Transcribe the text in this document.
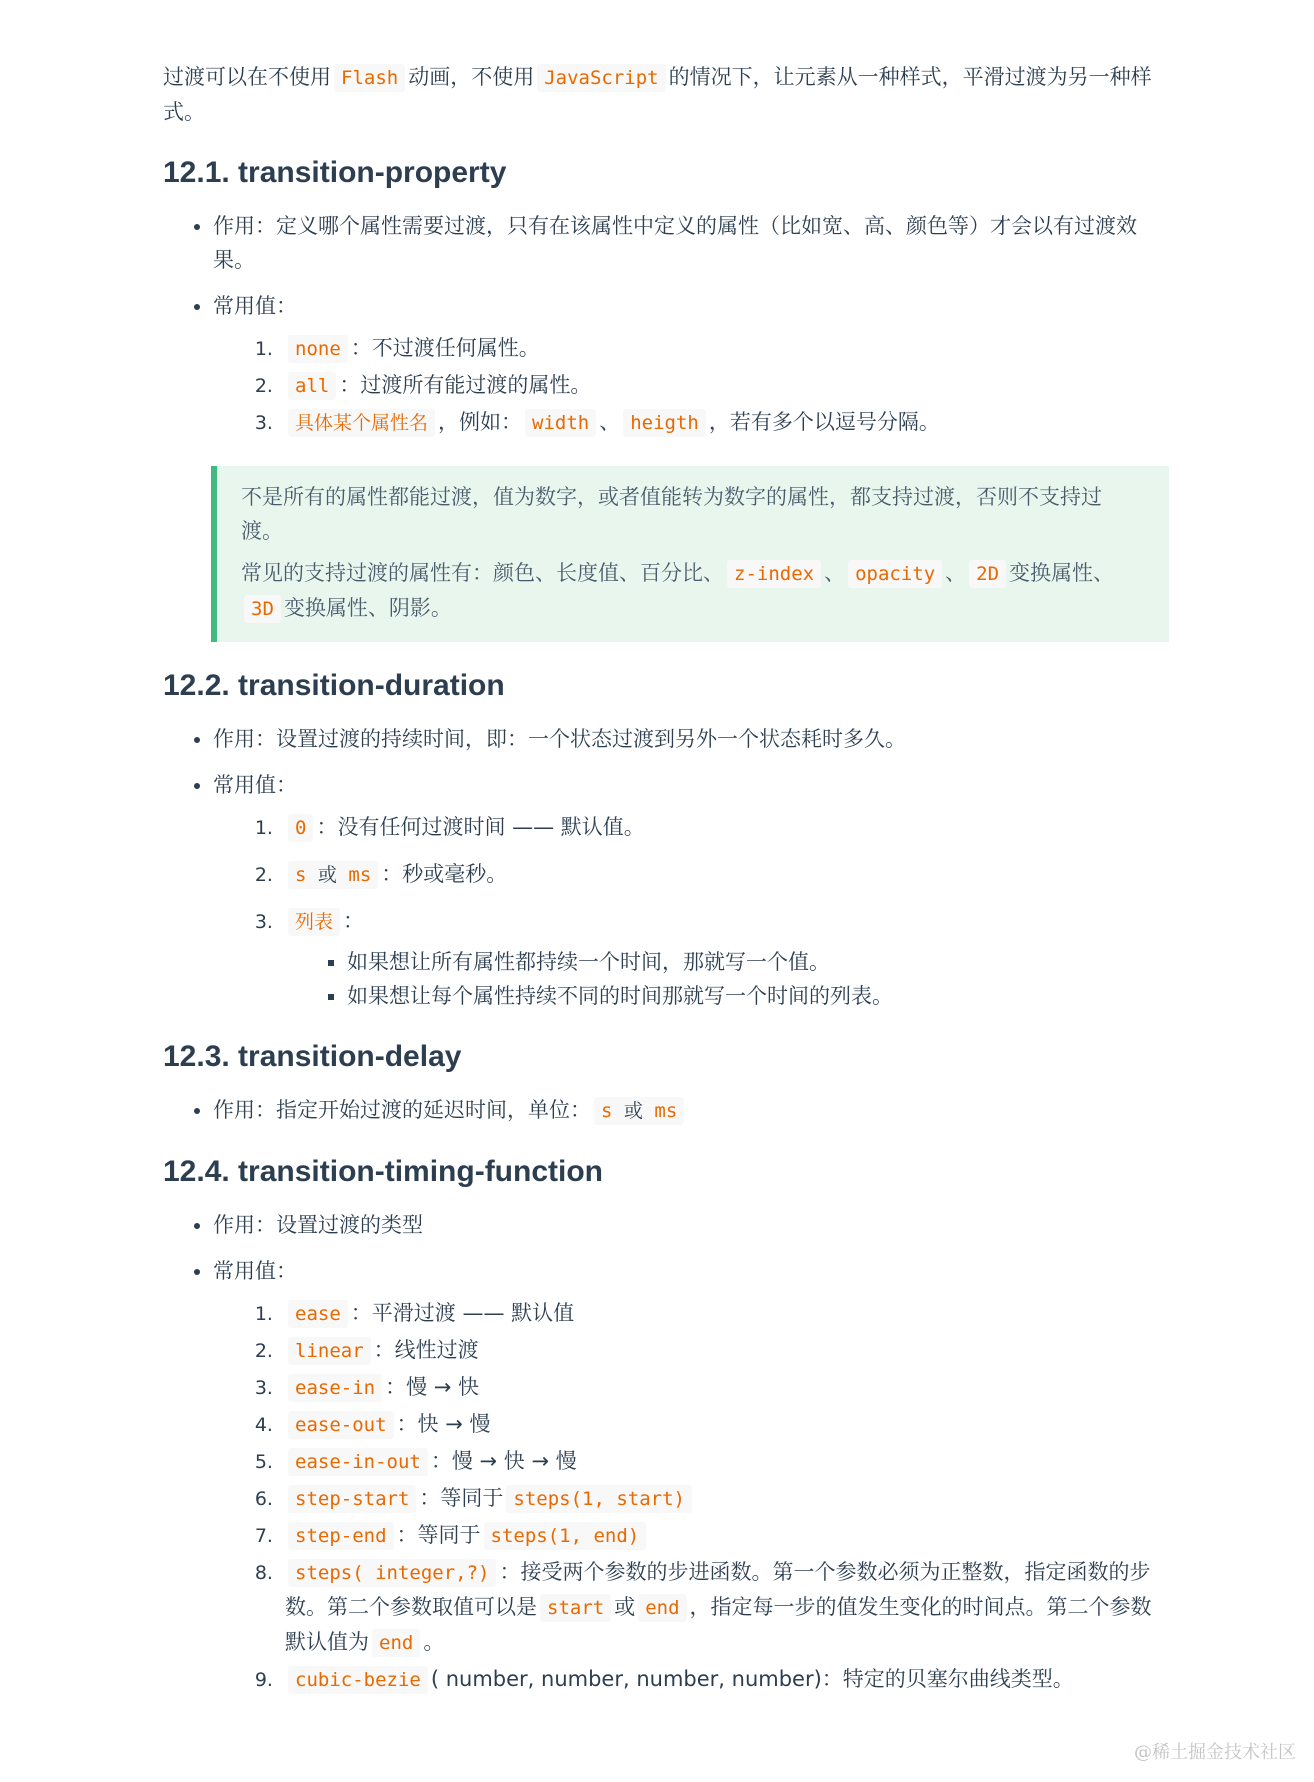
过渡可以在不使用 Flash 动画，不使用 JavaScript 的情况下，让元素从一种样式，平滑过渡为另一种样式。

12.1. transition-property
• 作用：定义哪个属性需要过渡，只有在该属性中定义的属性（比如宽、高、颜色等）才会以有过渡效果。
• 常用值：
1. none ：不过渡任何属性。
2. all ：过渡所有能过渡的属性。
3. 具体某个属性名 ，例如： width 、 heigth ，若有多个以逗号分隔。

不是所有的属性都能过渡，值为数字，或者值能转为数字的属性，都支持过渡，否则不支持过渡。

常见的支持过渡的属性有：颜色、长度值、百分比、 z-index 、 opacity 、 2D 变换属性、3D 变换属性、阴影。

12.2. transition-duration
• 作用：设置过渡的持续时间，即：一个状态过渡到另外一个状态耗时多久。
• 常用值：
1. 0 ：没有任何过渡时间 —— 默认值。
2. s 或 ms ：秒或毫秒。
3. 列表 ：
▪ 如果想让所有属性都持续一个时间，那就写一个值。
▪ 如果想让每个属性持续不同的时间那就写一个时间的列表。
12.3. transition-delay
• 作用：指定开始过渡的延迟时间，单位： s 或 ms
12.4. transition-timing-function
• 作用：设置过渡的类型
• 常用值：
1. ease ：平滑过渡 —— 默认值
2. linear ：线性过渡
3. ease-in ：慢 → 快
4. ease-out ：快 → 慢
5. ease-in-out ：慢 → 快 → 慢
6. step-start ：等同于 steps(1, start)
7. step-end ：等同于 steps(1, end)
8. steps( integer,?) ：接受两个参数的步进函数。第一个参数必须为正整数，指定函数的步数。第二个参数取值可以是 start 或 end ，指定每一步的值发生变化的时间点。第二个参数默认值为 end 。
9. cubic-bezie ( number, number, number, number)：特定的贝塞尔曲线类型。
@稀土掘金技术社区
